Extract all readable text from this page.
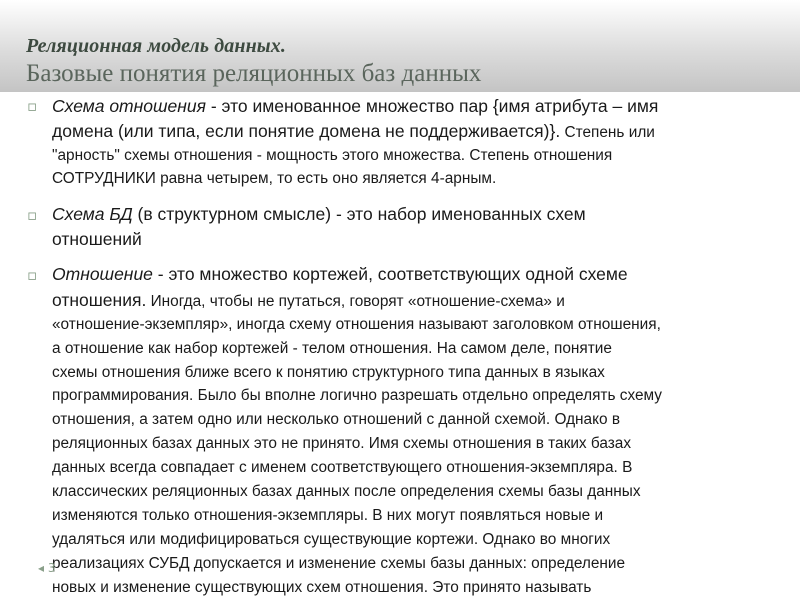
Реляционная модель данных.
Базовые понятия реляционных баз данных
▫ Схема отношения - это именованное множество пар {имя атрибута – имя
домена (или типа, если понятие домена не поддерживается)}. Степень или
"арность" схемы отношения - мощность этого множества. Степень отношения
СОТРУДНИКИ равна четырем, то есть оно является 4-арным.
▫ Схема БД (в структурном смысле) - это набор именованных схем
отношений
▫ Отношение - это множество кортежей, соответствующих одной схеме
отношения. Иногда, чтобы не путаться, говорят «отношение-схема» и
«отношение-экземпляр», иногда схему отношения называют заголовком отношения,
а отношение как набор кортежей - телом отношения. На самом деле, понятие
схемы отношения ближе всего к понятию структурного типа данных в языках
программирования. Было бы вполне логично разрешать отдельно определять схему
отношения, а затем одно или несколько отношений с данной схемой. Однако в
реляционных базах данных это не принято. Имя схемы отношения в таких базах
данных всегда совпадает с именем соответствующего отношения-экземпляра. В
классических реляционных базах данных после определения схемы базы данных
изменяются только отношения-экземпляры. В них могут появляться новые и
удаляться или модифицироваться существующие кортежи. Однако во многих
реализациях СУБД допускается и изменение схемы базы данных: определение
новых и изменение существующих схем отношения. Это принято называть
◂ 3
